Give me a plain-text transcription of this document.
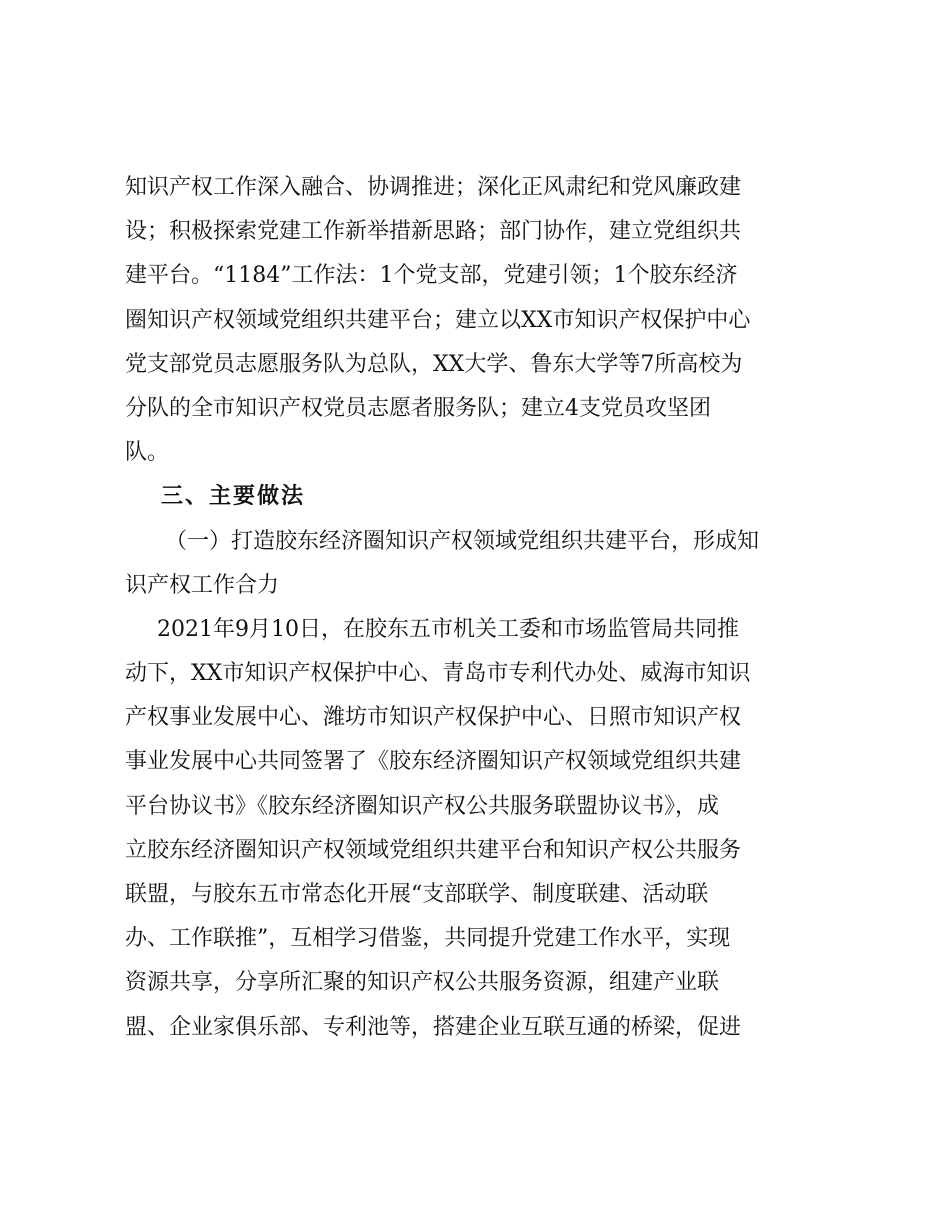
知识产权工作深入融合、协调推进；深化正风肃纪和党风廉政建
设；积极探索党建工作新举措新思路；部门协作，建立党组织共
建平台。“1184”工作法：1个党支部，党建引领；1个胶东经济
圈知识产权领域党组织共建平台；建立以XX市知识产权保护中心
党支部党员志愿服务队为总队，XX大学、鲁东大学等7所高校为
分队的全市知识产权党员志愿者服务队；建立4支党员攻坚团
队。
三、主要做法
（一）打造胶东经济圈知识产权领域党组织共建平台，形成知
识产权工作合力
2021年9月10日，在胶东五市机关工委和市场监管局共同推
动下，XX市知识产权保护中心、青岛市专利代办处、威海市知识
产权事业发展中心、潍坊市知识产权保护中心、日照市知识产权
事业发展中心共同签署了《胶东经济圈知识产权领域党组织共建
平台协议书》《胶东经济圈知识产权公共服务联盟协议书》，成
立胶东经济圈知识产权领域党组织共建平台和知识产权公共服务
联盟，与胶东五市常态化开展“支部联学、制度联建、活动联
办、工作联推”，互相学习借鉴，共同提升党建工作水平，实现
资源共享，分享所汇聚的知识产权公共服务资源，组建产业联
盟、企业家俱乐部、专利池等，搭建企业互联互通的桥梁，促进
